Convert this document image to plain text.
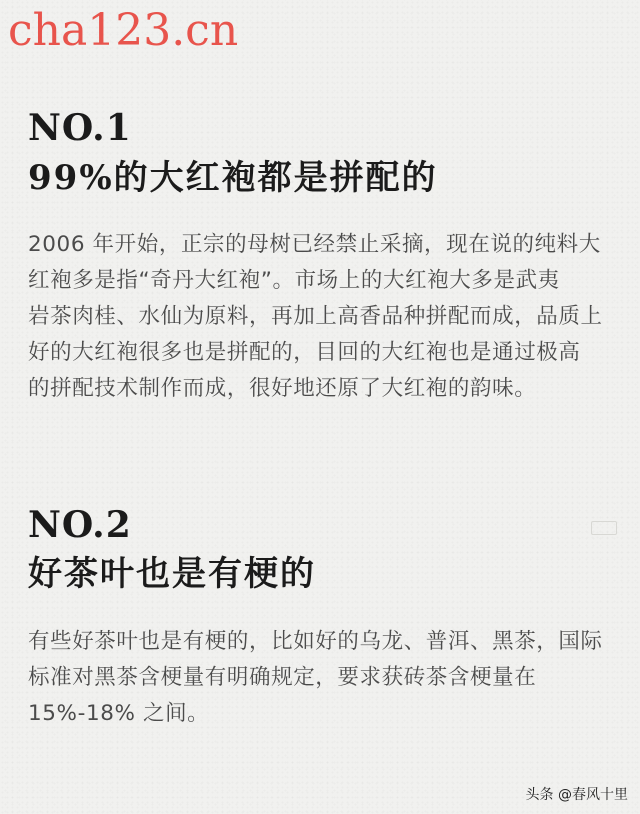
cha123.cn
NO.1
99%的大红袍都是拼配的

2006 年开始，正宗的母树已经禁止采摘，现在说的纯料大

红袍多是指“奇丹大红袍”。市场上的大红袍大多是武夷

岩茶肉桂、水仙为原料，再加上高香品种拼配而成，品质上

好的大红袍很多也是拼配的，目回的大红袍也是通过极高

的拼配技术制作而成，很好地还原了大红袍的韵味。

NO.2
好茶叶也是有梗的

有些好茶叶也是有梗的，比如好的乌龙、普洱、黑茶，国际

标准对黑茶含梗量有明确规定，要求获砖茶含梗量在

15%-18% 之间。

头条 @春风十里
